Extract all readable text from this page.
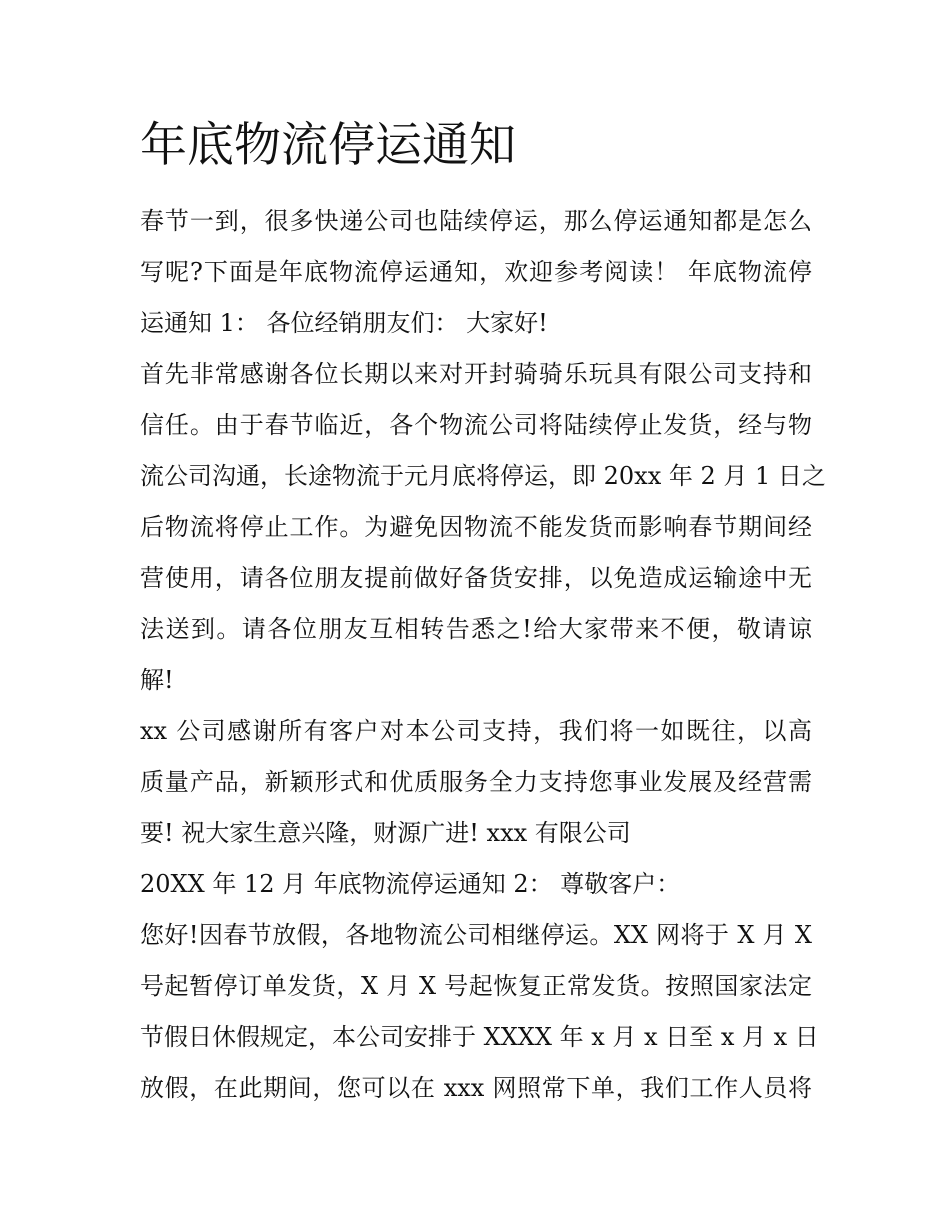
年底物流停运通知
春节一到，很多快递公司也陆续停运，那么停运通知都是怎么
写呢?下面是年底物流停运通知，欢迎参考阅读！ 年底物流停
运通知 1： 各位经销朋友们： 大家好!
首先非常感谢各位长期以来对开封骑骑乐玩具有限公司支持和
信任。由于春节临近，各个物流公司将陆续停止发货，经与物
流公司沟通，长途物流于元月底将停运，即 20xx 年 2 月 1 日之
后物流将停止工作。为避免因物流不能发货而影响春节期间经
营使用，请各位朋友提前做好备货安排，以免造成运输途中无
法送到。请各位朋友互相转告悉之!给大家带来不便，敬请谅
解!
xx 公司感谢所有客户对本公司支持，我们将一如既往，以高
质量产品，新颖形式和优质服务全力支持您事业发展及经营需
要! 祝大家生意兴隆，财源广进! xxx 有限公司
20XX 年 12 月 年底物流停运通知 2： 尊敬客户：
您好!因春节放假，各地物流公司相继停运。XX 网将于 X 月 X
号起暂停订单发货，X 月 X 号起恢复正常发货。按照国家法定
节假日休假规定，本公司安排于 XXXX 年 x 月 x 日至 x 月 x 日
放假，在此期间，您可以在 xxx 网照常下单，我们工作人员将
